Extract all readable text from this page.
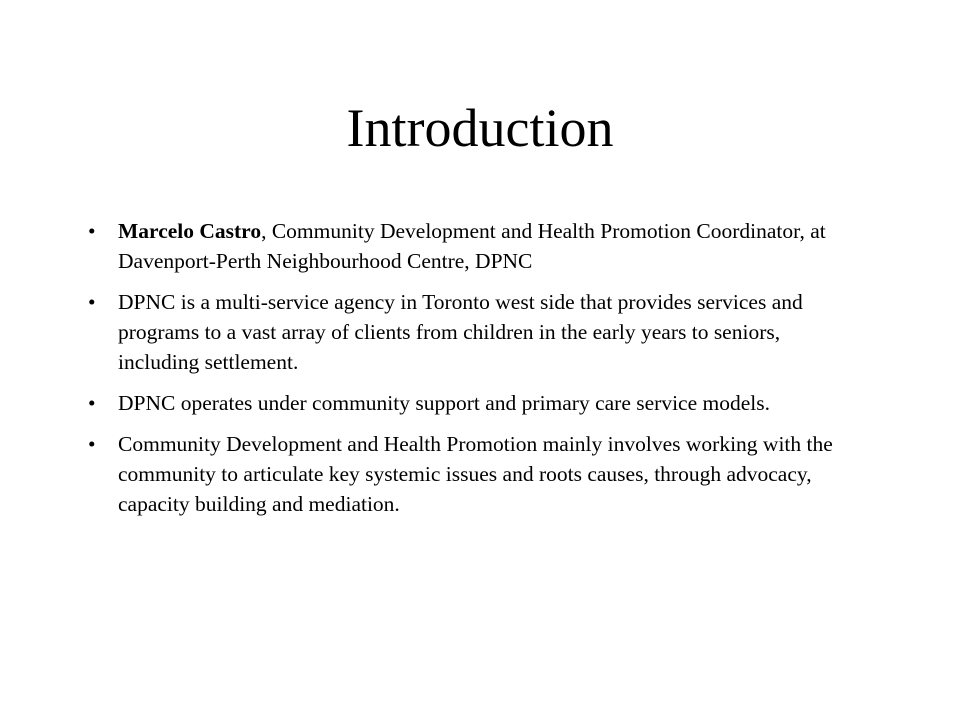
Introduction
•	Marcelo Castro, Community Development and Health Promotion Coordinator, at Davenport-Perth Neighbourhood Centre, DPNC
•	DPNC is a multi-service agency in Toronto west side that provides services and programs to a vast array of clients from children in the early years to seniors, including settlement.
•	DPNC operates under community support and primary care service models.
•	Community Development and Health Promotion mainly involves working with the community to articulate key systemic issues and roots causes, through advocacy, capacity building and mediation.
